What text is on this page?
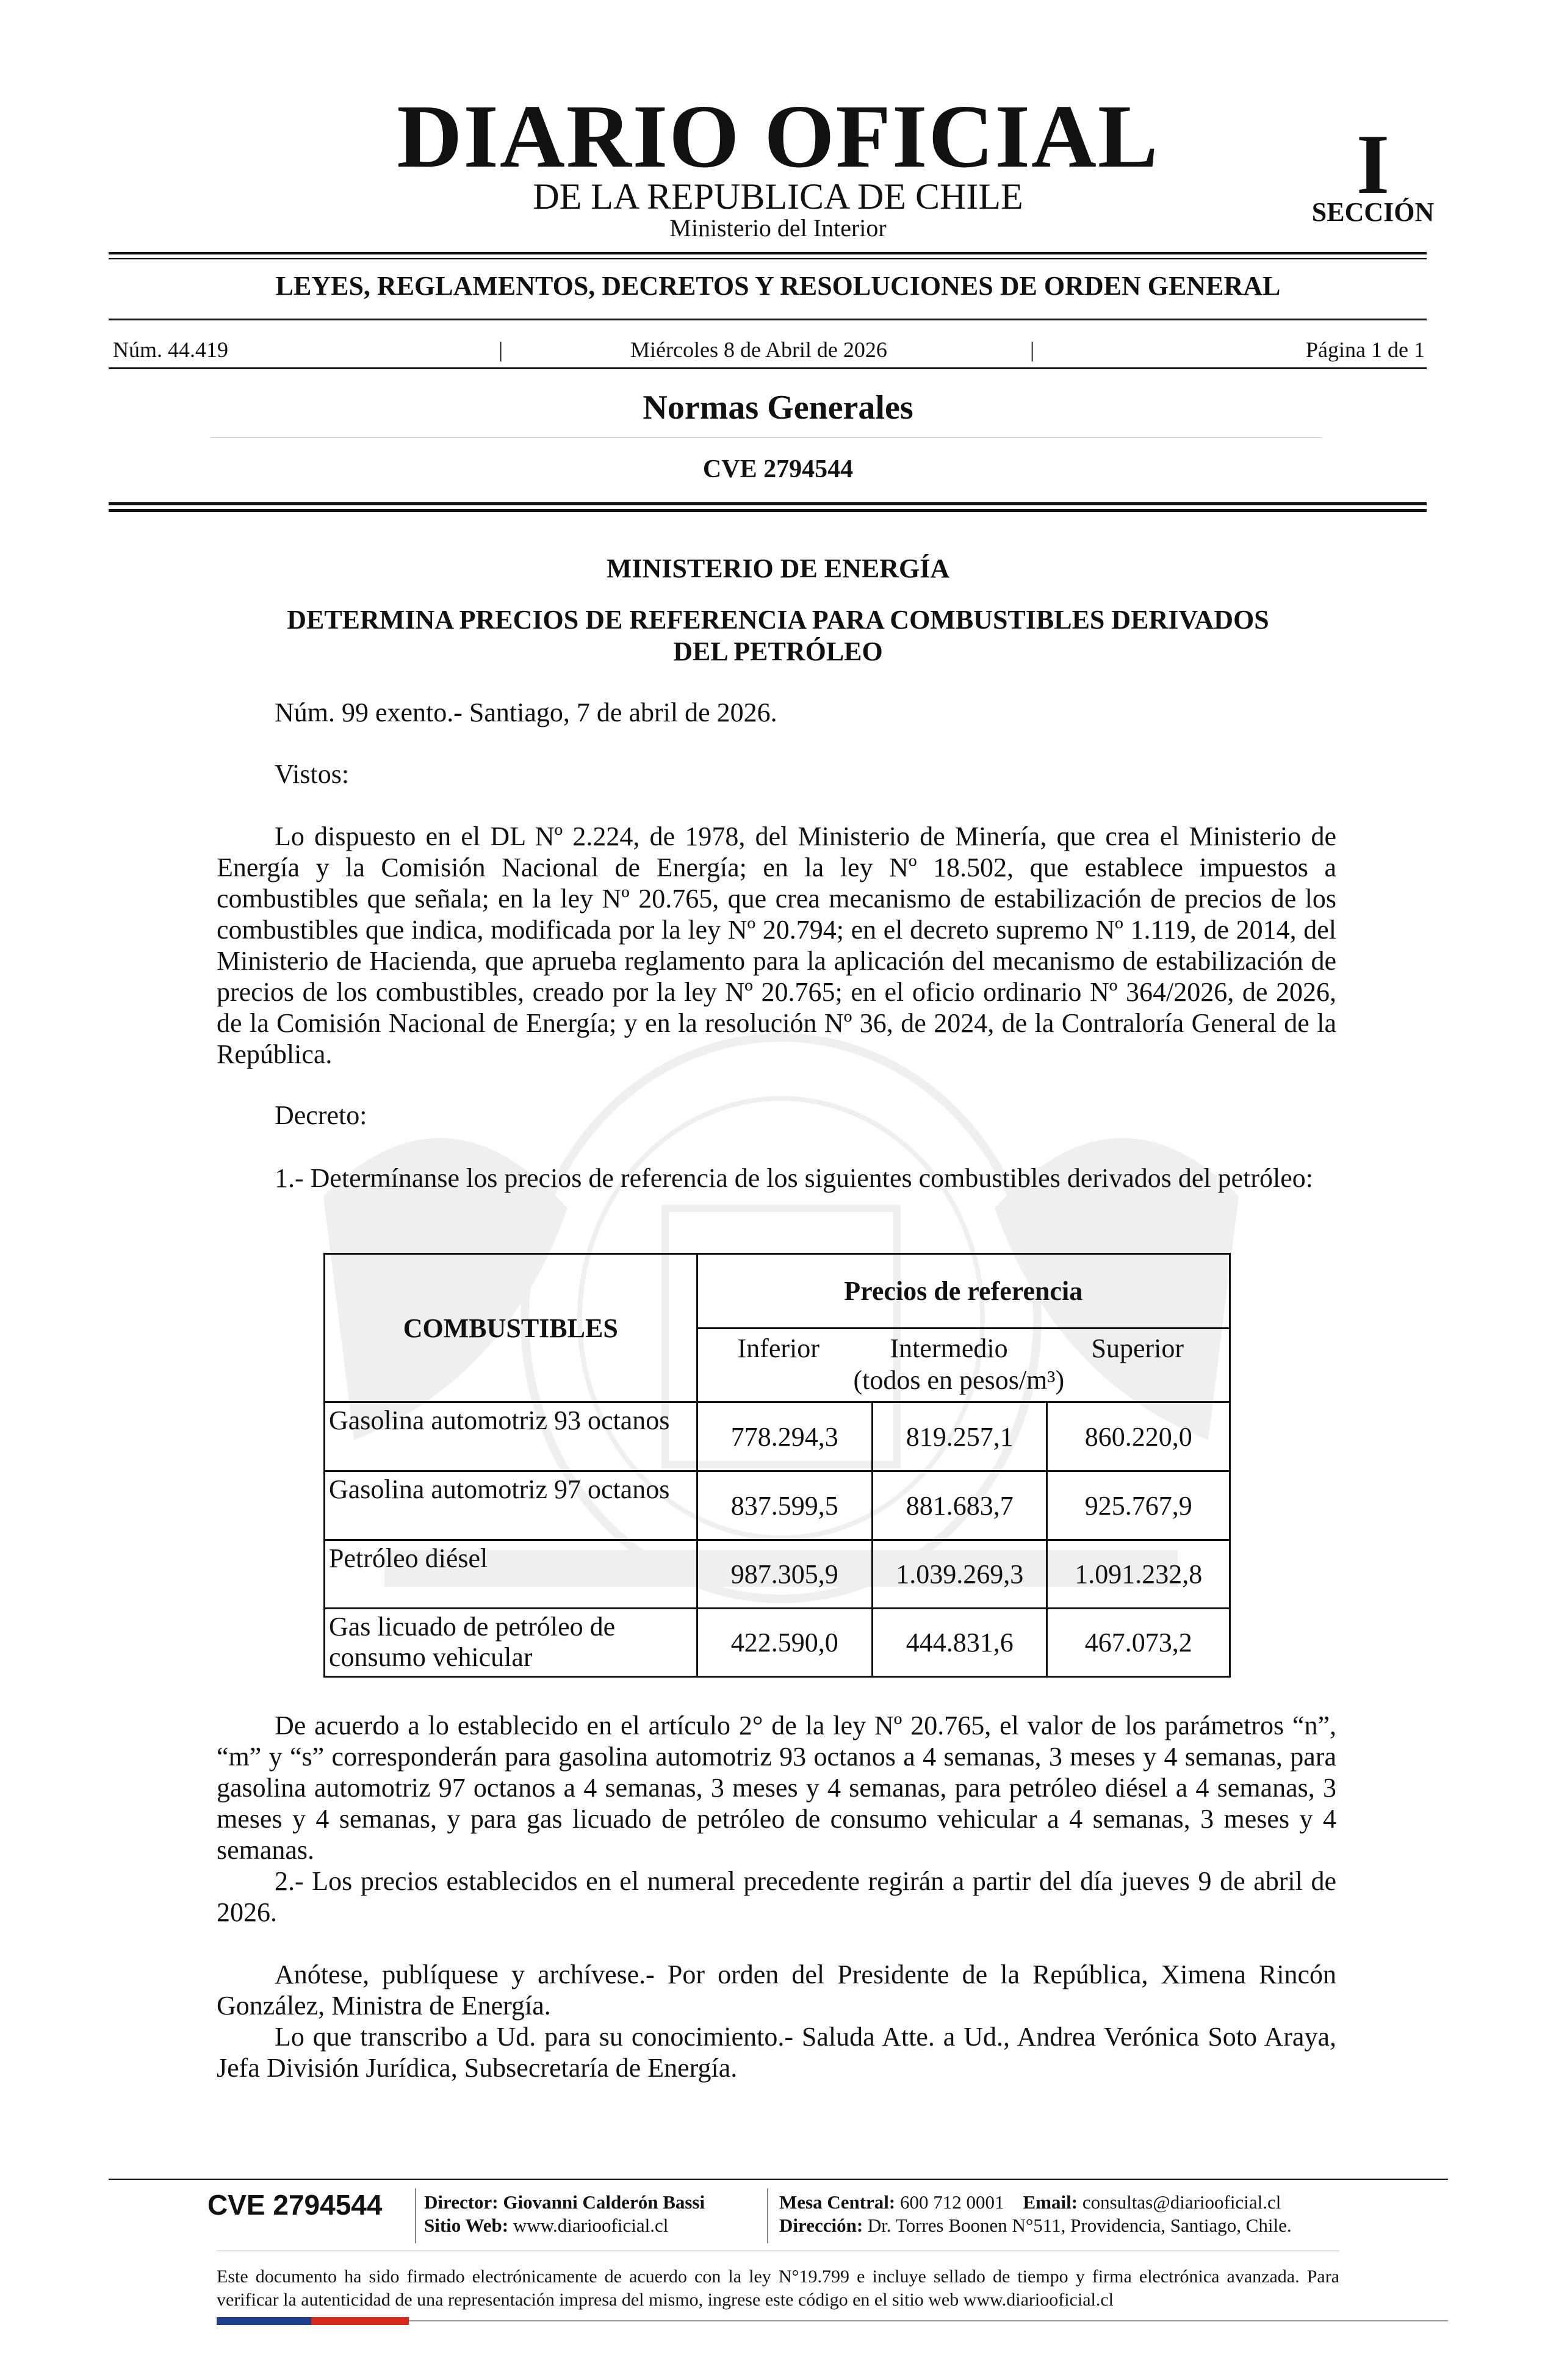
DIARIO OFICIAL
DE LA REPUBLICA DE CHILE
Ministerio del Interior
I
SECCIÓN
LEYES, REGLAMENTOS, DECRETOS Y RESOLUCIONES DE ORDEN GENERAL
Núm. 44.419	|	Miércoles 8 de Abril de 2026	|	Página 1 de 1
Normas Generales
CVE 2794544
MINISTERIO DE ENERGÍA
DETERMINA PRECIOS DE REFERENCIA PARA COMBUSTIBLES DERIVADOS
DEL PETRÓLEO

Núm. 99 exento.- Santiago, 7 de abril de 2026.

Vistos:

Lo dispuesto en el DL Nº 2.224, de 1978, del Ministerio de Minería, que crea el Ministerio de Energía y la Comisión Nacional de Energía; en la ley Nº 18.502, que establece impuestos a combustibles que señala; en la ley Nº 20.765, que crea mecanismo de estabilización de precios de los combustibles que indica, modificada por la ley Nº 20.794; en el decreto supremo Nº 1.119, de 2014, del Ministerio de Hacienda, que aprueba reglamento para la aplicación del mecanismo de estabilización de precios de los combustibles, creado por la ley Nº 20.765; en el oficio ordinario Nº 364/2026, de 2026, de la Comisión Nacional de Energía; y en la resolución Nº 36, de 2024, de la Contraloría General de la República.

Decreto:

1.- Determínanse los precios de referencia de los siguientes combustibles derivados del petróleo:

COMBUSTIBLES	Precios de referencia		

	Inferior Intermedio Superior
(todos en pesos/m³)		

Gasolina automotriz 93 octanos	778.294,3	819.257,1	860.220,0
Gasolina automotriz 97 octanos	837.599,5	881.683,7	925.767,9
Petróleo diésel	987.305,9	1.039.269,3	1.091.232,8
Gas licuado de petróleo de consumo vehicular	422.590,0	444.831,6	467.073,2

De acuerdo a lo establecido en el artículo 2° de la ley Nº 20.765, el valor de los parámetros “n”, “m” y “s” corresponderán para gasolina automotriz 93 octanos a 4 semanas, 3 meses y 4 semanas, para gasolina automotriz 97 octanos a 4 semanas, 3 meses y 4 semanas, para petróleo diésel a 4 semanas, 3 meses y 4 semanas, y para gas licuado de petróleo de consumo vehicular a 4 semanas, 3 meses y 4 semanas.

2.- Los precios establecidos en el numeral precedente regirán a partir del día jueves 9 de abril de 2026.

Anótese, publíquese y archívese.- Por orden del Presidente de la República, Ximena Rincón González, Ministra de Energía.

Lo que transcribo a Ud. para su conocimiento.- Saluda Atte. a Ud., Andrea Verónica Soto Araya, Jefa División Jurídica, Subsecretaría de Energía.

CVE 2794544	Director: Giovanni Calderón Bassi
Sitio Web: www.diariooficial.cl
Mesa Central: 600 712 0001 Email: consultas@diariooficial.cl
Dirección: Dr. Torres Boonen N°511, Providencia, Santiago, Chile.
Este documento ha sido firmado electrónicamente de acuerdo con la ley N°19.799 e incluye sellado de tiempo y firma electrónica avanzada. Para verificar la autenticidad de una representación impresa del mismo, ingrese este código en el sitio web www.diariooficial.cl
